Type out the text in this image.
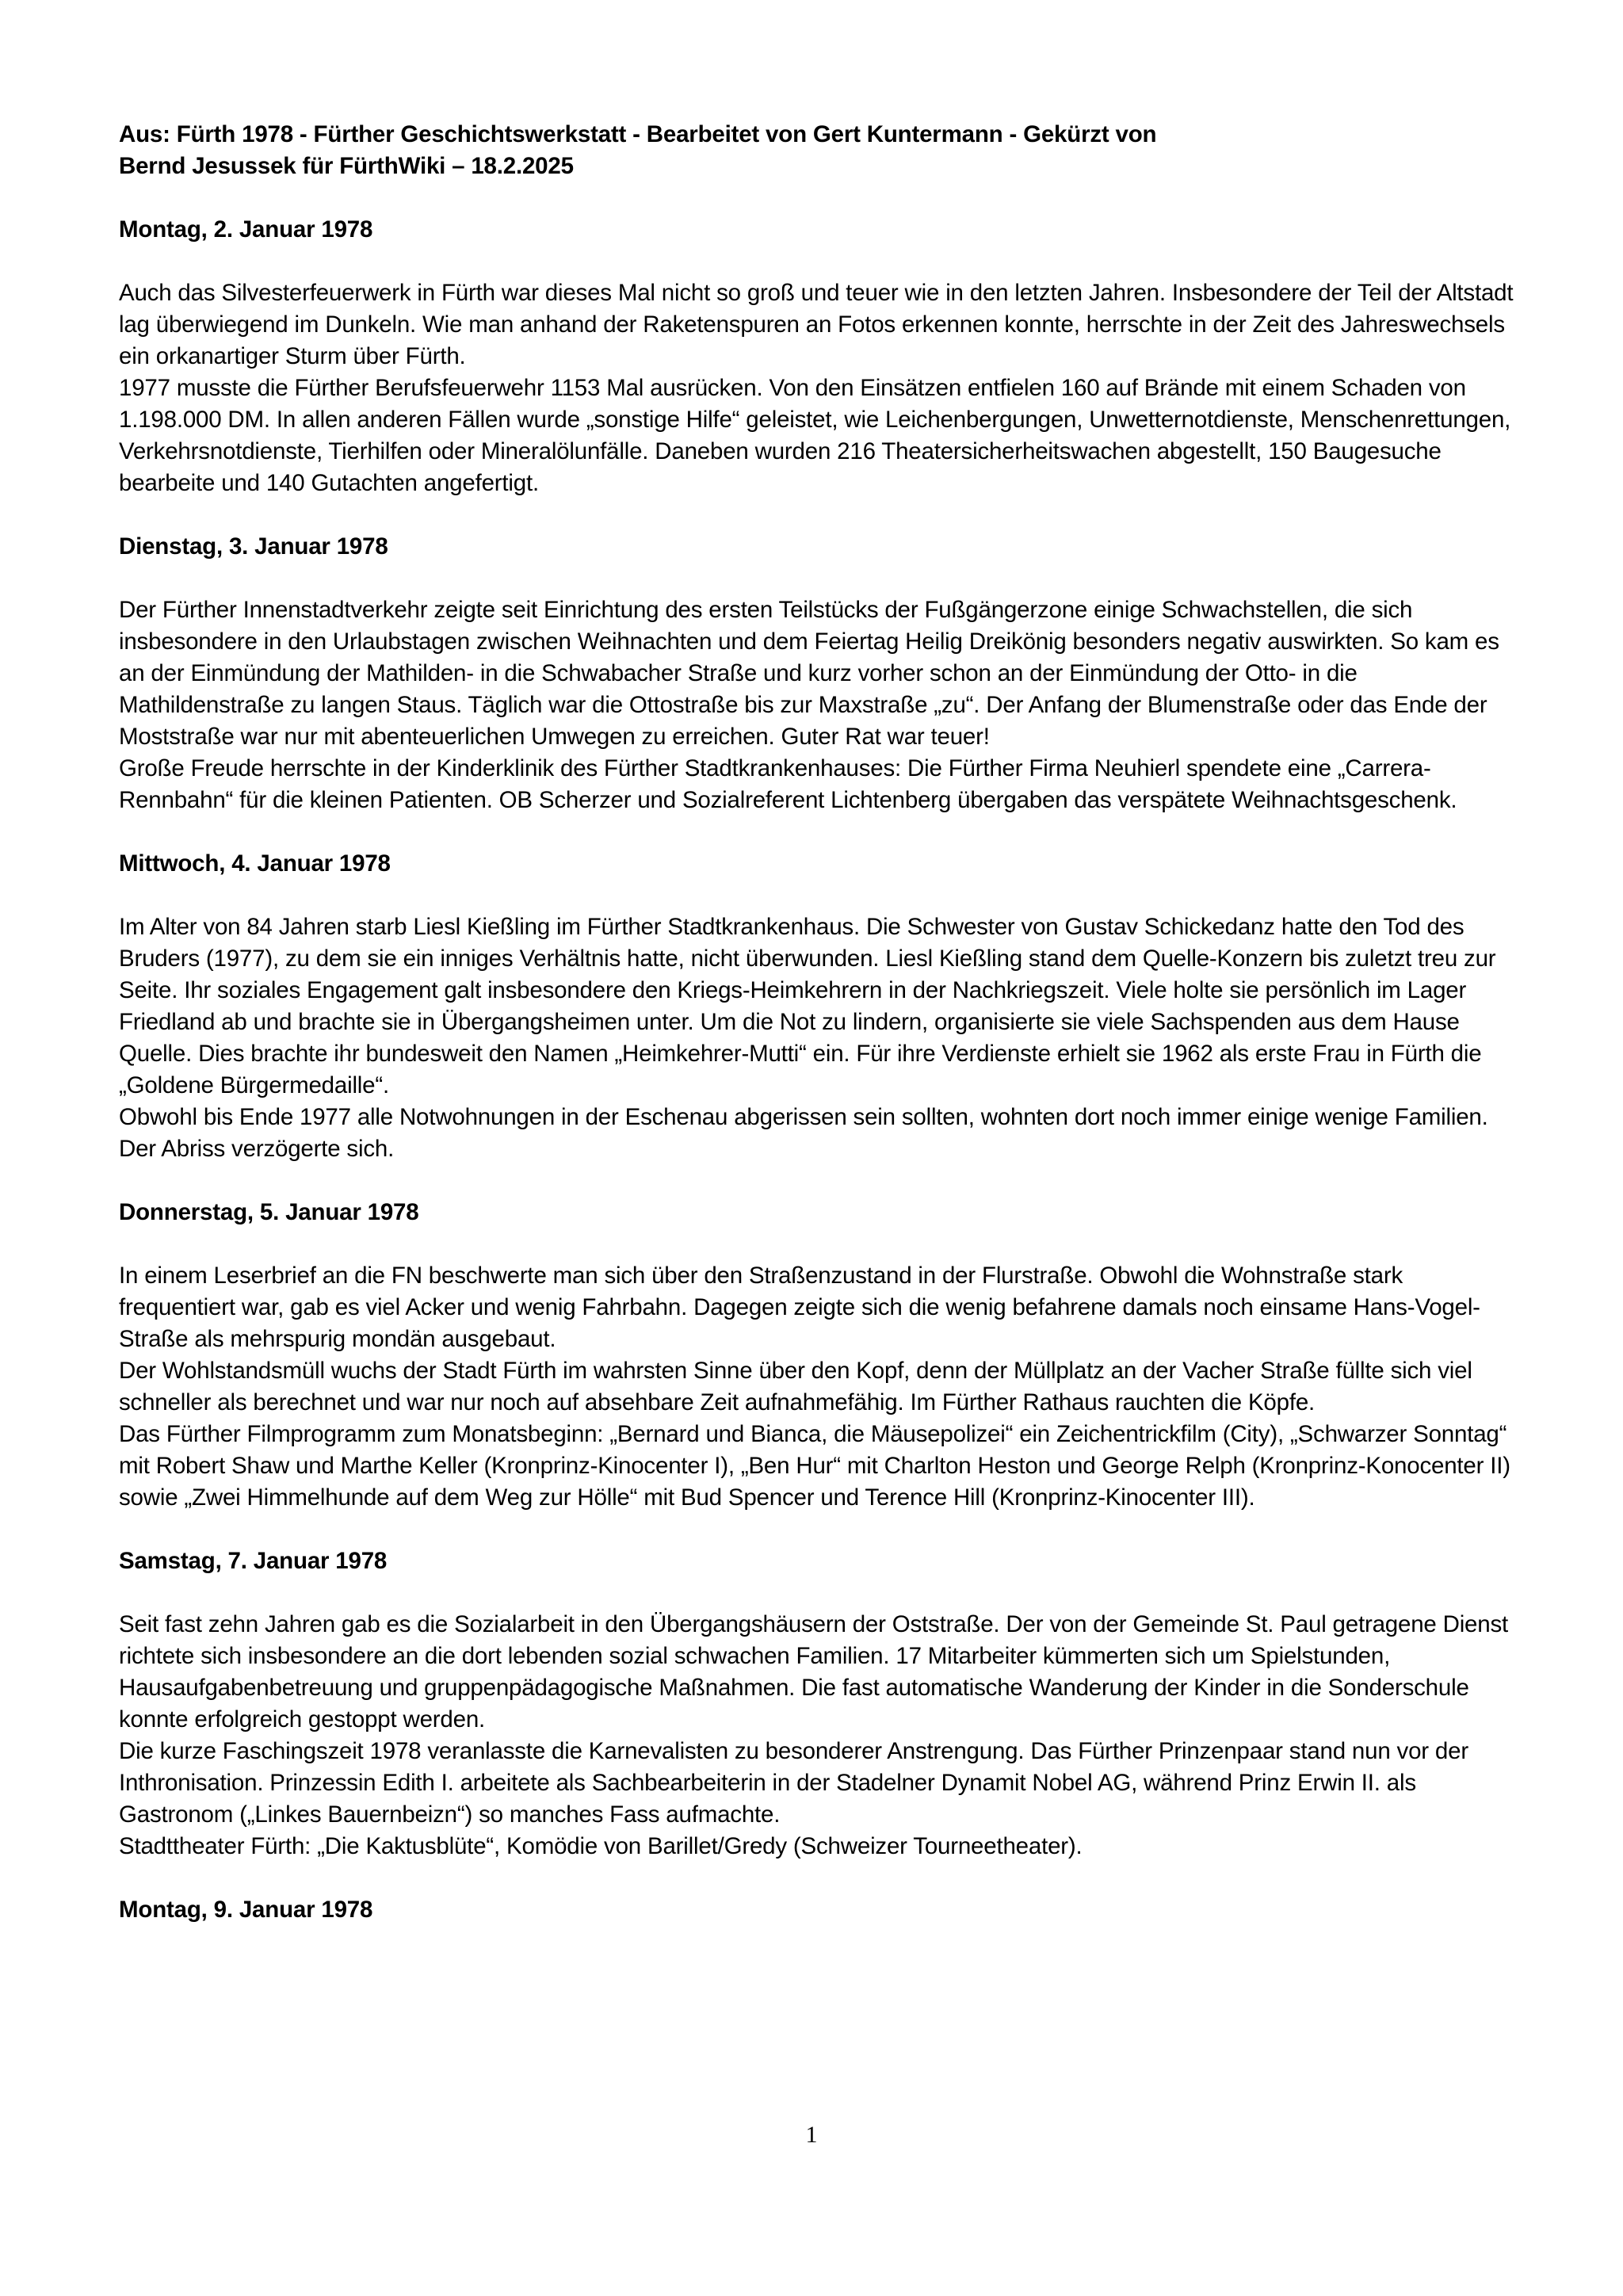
Aus: Fürth 1978 - Fürther Geschichtswerkstatt - Bearbeitet von Gert Kuntermann - Gekürzt von
Bernd Jesussek für FürthWiki – 18.2.2025
Montag, 2. Januar 1978
Auch das Silvesterfeuerwerk in Fürth war dieses Mal nicht so groß und teuer wie in den letzten Jahren. Insbesondere der Teil der Altstadt lag überwiegend im Dunkeln. Wie man anhand der Raketenspuren an Fotos erkennen konnte, herrschte in der Zeit des Jahreswechsels ein orkanartiger Sturm über Fürth.
1977 musste die Fürther Berufsfeuerwehr 1153 Mal ausrücken. Von den Einsätzen entfielen 160 auf Brände mit einem Schaden von 1.198.000 DM. In allen anderen Fällen wurde „sonstige Hilfe“ geleistet, wie Leichenbergungen, Unwetternotdienste, Menschenrettungen, Verkehrsnotdienste, Tierhilfen oder Mineralölunfälle. Daneben wurden 216 Theatersicherheitswachen abgestellt, 150 Baugesuche bearbeite und 140 Gutachten angefertigt.
Dienstag, 3. Januar 1978
Der Fürther Innenstadtverkehr zeigte seit Einrichtung des ersten Teilstücks der Fußgängerzone einige Schwachstellen, die sich insbesondere in den Urlaubstagen zwischen Weihnachten und dem Feiertag Heilig Dreikönig besonders negativ auswirkten. So kam es an der Einmündung der Mathilden- in die Schwabacher Straße und kurz vorher schon an der Einmündung der Otto- in die Mathildenstraße zu langen Staus. Täglich war die Ottostraße bis zur Maxstraße „zu“. Der Anfang der Blumenstraße oder das Ende der Moststraße war nur mit abenteuerlichen Umwegen zu erreichen. Guter Rat war teuer!
Große Freude herrschte in der Kinderklinik des Fürther Stadtkrankenhauses: Die Fürther Firma Neuhierl spendete eine „Carrera-Rennbahn“ für die kleinen Patienten. OB Scherzer und Sozialreferent Lichtenberg übergaben das verspätete Weihnachtsgeschenk.
Mittwoch, 4. Januar 1978
Im Alter von 84 Jahren starb Liesl Kießling im Fürther Stadtkrankenhaus. Die Schwester von Gustav Schickedanz hatte den Tod des Bruders (1977), zu dem sie ein inniges Verhältnis hatte, nicht überwunden. Liesl Kießling stand dem Quelle-Konzern bis zuletzt treu zur Seite. Ihr soziales Engagement galt insbesondere den Kriegs-Heimkehrern in der Nachkriegszeit. Viele holte sie persönlich im Lager Friedland ab und brachte sie in Übergangsheimen unter. Um die Not zu lindern, organisierte sie viele Sachspenden aus dem Hause Quelle. Dies brachte ihr bundesweit den Namen „Heimkehrer-Mutti“ ein. Für ihre Verdienste erhielt sie 1962 als erste Frau in Fürth die „Goldene Bürgermedaille“.
Obwohl bis Ende 1977 alle Notwohnungen in der Eschenau abgerissen sein sollten, wohnten dort noch immer einige wenige Familien. Der Abriss verzögerte sich.
Donnerstag, 5. Januar 1978
In einem Leserbrief an die FN beschwerte man sich über den Straßenzustand in der Flurstraße. Obwohl die Wohnstraße stark frequentiert war, gab es viel Acker und wenig Fahrbahn. Dagegen zeigte sich die wenig befahrene damals noch einsame Hans-Vogel-Straße als mehrspurig mondän ausgebaut.
Der Wohlstandsmüll wuchs der Stadt Fürth im wahrsten Sinne über den Kopf, denn der Müllplatz an der Vacher Straße füllte sich viel schneller als berechnet und war nur noch auf absehbare Zeit aufnahmefähig. Im Fürther Rathaus rauchten die Köpfe.
Das Fürther Filmprogramm zum Monatsbeginn: „Bernard und Bianca, die Mäusepolizei“ ein Zeichentrickfilm (City), „Schwarzer Sonntag“ mit Robert Shaw und Marthe Keller (Kronprinz-Kinocenter I), „Ben Hur“ mit Charlton Heston und George Relph (Kronprinz-Konocenter II) sowie „Zwei Himmelhunde auf dem Weg zur Hölle“ mit Bud Spencer und Terence Hill (Kronprinz-Kinocenter III).
Samstag, 7. Januar 1978
Seit fast zehn Jahren gab es die Sozialarbeit in den Übergangshäusern der Oststraße. Der von der Gemeinde St. Paul getragene Dienst richtete sich insbesondere an die dort lebenden sozial schwachen Familien. 17 Mitarbeiter kümmerten sich um Spielstunden, Hausaufgabenbetreuung und gruppenpädagogische Maßnahmen. Die fast automatische Wanderung der Kinder in die Sonderschule konnte erfolgreich gestoppt werden.
Die kurze Faschingszeit 1978 veranlasste die Karnevalisten zu besonderer Anstrengung. Das Fürther Prinzenpaar stand nun vor der Inthronisation. Prinzessin Edith I. arbeitete als Sachbearbeiterin in der Stadelner Dynamit Nobel AG, während Prinz Erwin II. als Gastronom („Linkes Bauernbeizn“) so manches Fass aufmachte.
Stadttheater Fürth: „Die Kaktusblüte“, Komödie von Barillet/Gredy (Schweizer Tourneetheater).
Montag, 9. Januar 1978
1
